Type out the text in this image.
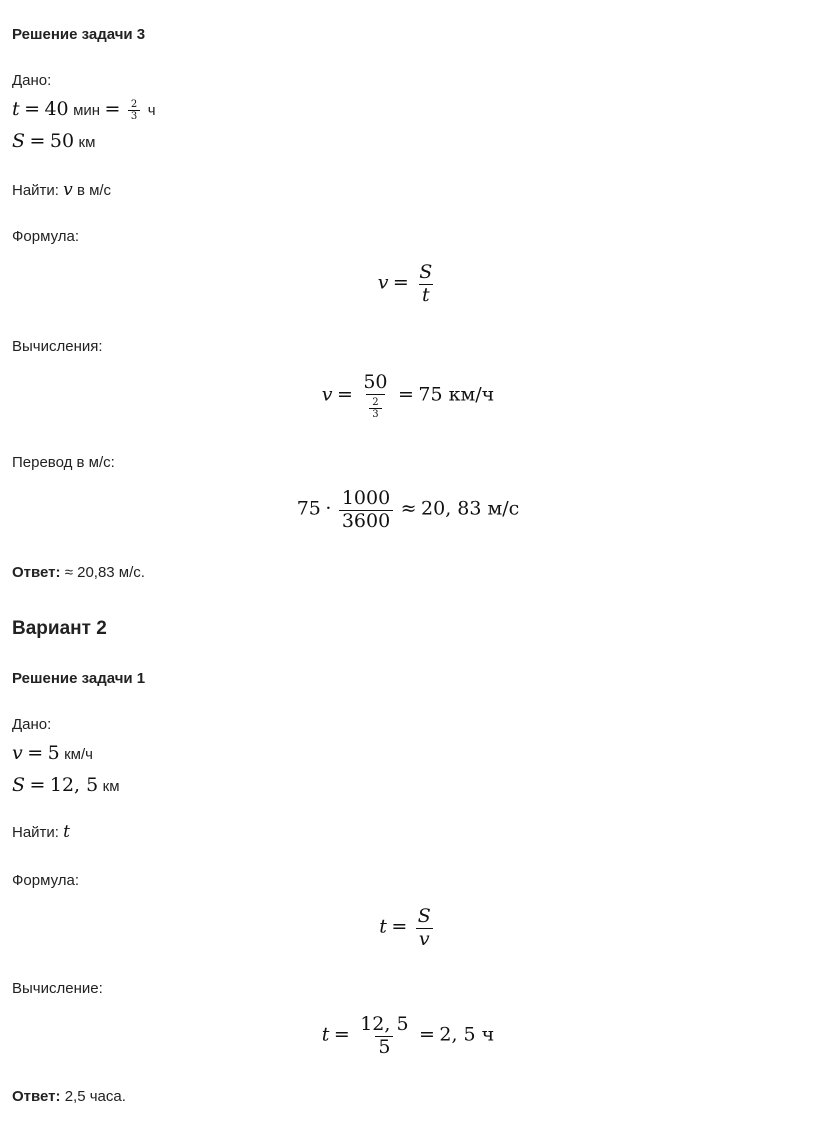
Решение задачи 3
Дано:
t = 40 мин = $\frac{2}{3}$ ч
S = 50 км
Найти: v в м/с
Формула:
$v = \frac{S}{t}$
Вычисления:
$v = \frac{50}{\frac{2}{3}} = 75$ км/ч
Перевод в м/с:
$75 \cdot \frac{1000}{3600} \approx 20$, 83 м/с
Ответ: ≈ 20,83 м/с.
Вариант 2
Решение задачи 1
Дано:
v = 5 км/ч
S = 12, 5 км
Найти: t
Формула:
$t = \frac{S}{v}$
Вычисление:
$t = \frac{12, 5}{5} = 2$, 5 ч
Ответ: 2,5 часа.
